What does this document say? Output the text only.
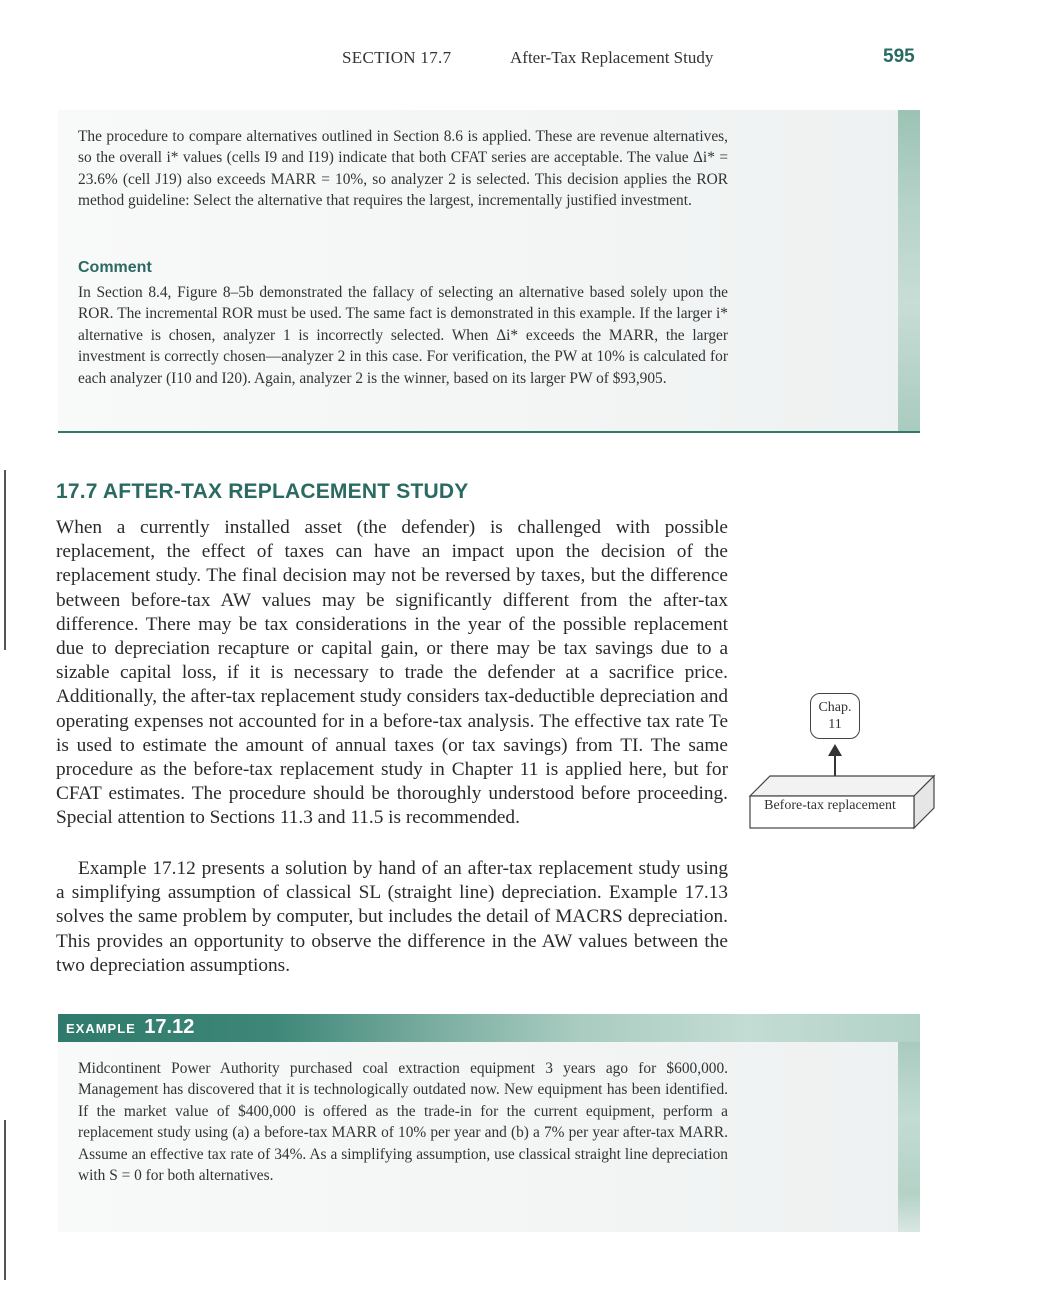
SECTION 17.7	After-Tax Replacement Study	595

The procedure to compare alternatives outlined in Section 8.6 is applied. These are revenue alternatives, so the overall i* values (cells I9 and I19) indicate that both CFAT series are acceptable. The value Δi* = 23.6% (cell J19) also exceeds MARR = 10%, so analyzer 2 is selected. This decision applies the ROR method guideline: Select the alternative that requires the largest, incrementally justified investment.

Comment

In Section 8.4, Figure 8–5b demonstrated the fallacy of selecting an alternative based solely upon the ROR. The incremental ROR must be used. The same fact is demonstrated in this example. If the larger i* alternative is chosen, analyzer 1 is incorrectly selected. When Δi* exceeds the MARR, the larger investment is correctly chosen—analyzer 2 in this case. For verification, the PW at 10% is calculated for each analyzer (I10 and I20). Again, analyzer 2 is the winner, based on its larger PW of $93,905.

17.7 AFTER-TAX REPLACEMENT STUDY

When a currently installed asset (the defender) is challenged with possible replacement, the effect of taxes can have an impact upon the decision of the replacement study. The final decision may not be reversed by taxes, but the difference between before-tax AW values may be significantly different from the after-tax difference. There may be tax considerations in the year of the possible replacement due to depreciation recapture or capital gain, or there may be tax savings due to a sizable capital loss, if it is necessary to trade the defender at a sacrifice price. Additionally, the after-tax replacement study considers tax-deductible depreciation and operating expenses not accounted for in a before-tax analysis. The effective tax rate Te is used to estimate the amount of annual taxes (or tax savings) from TI. The same procedure as the before-tax replacement study in Chapter 11 is applied here, but for CFAT estimates. The procedure should be thoroughly understood before proceeding. Special attention to Sections 11.3 and 11.5 is recommended.

Example 17.12 presents a solution by hand of an after-tax replacement study using a simplifying assumption of classical SL (straight line) depreciation. Example 17.13 solves the same problem by computer, but includes the detail of MACRS depreciation. This provides an opportunity to observe the difference in the AW values between the two depreciation assumptions.

Chap.
11
Before-tax replacement
EXAMPLE 17.12

Midcontinent Power Authority purchased coal extraction equipment 3 years ago for $600,000. Management has discovered that it is technologically outdated now. New equipment has been identified. If the market value of $400,000 is offered as the trade-in for the current equipment, perform a replacement study using (a) a before-tax MARR of 10% per year and (b) a 7% per year after-tax MARR. Assume an effective tax rate of 34%. As a simplifying assumption, use classical straight line depreciation with S = 0 for both alternatives.
